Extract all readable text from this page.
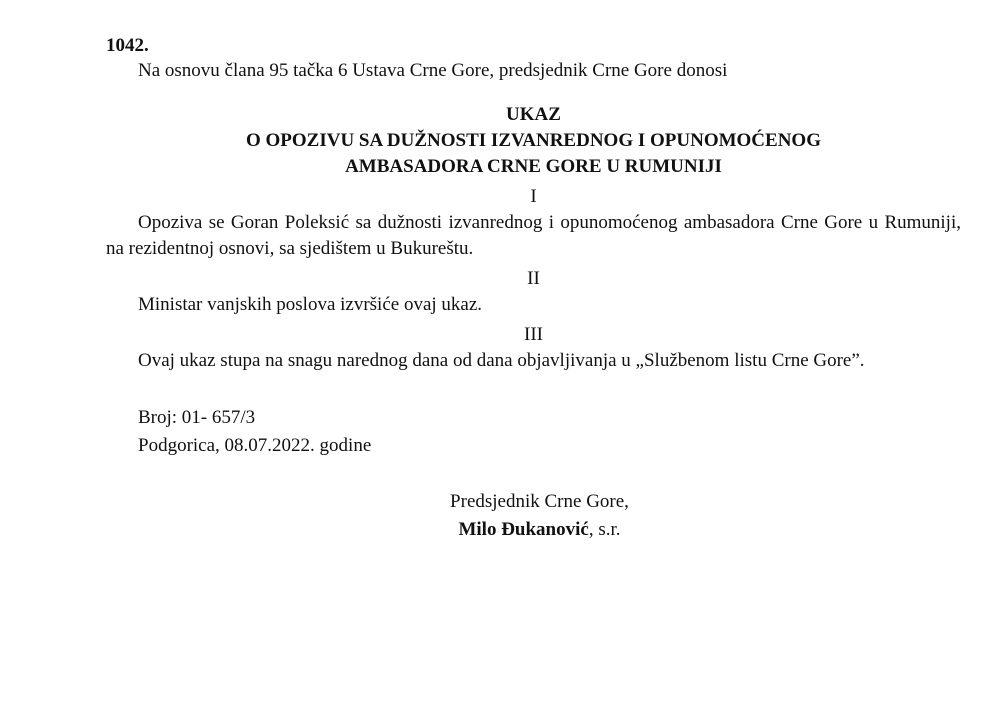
1042.

Na osnovu člana 95 tačka 6 Ustava Crne Gore, predsjednik Crne Gore donosi

UKAZ

O OPOZIVU SA DUŽNOSTI IZVANREDNOG I OPUNOMOĆENOG

AMBASADORA CRNE GORE U RUMUNIJI

I

Opoziva se Goran Poleksić sa dužnosti izvanrednog i opunomoćenog ambasadora Crne Gore u Rumuniji, na rezidentnoj osnovi, sa sjedištem u Bukureštu.

II

Ministar vanjskih poslova izvršiće ovaj ukaz.

III

Ovaj ukaz stupa na snagu narednog dana od dana objavljivanja u „Službenom listu Crne Gore”.

Broj: 01- 657/3
Podgorica, 08.07.2022. godine
Predsjednik Crne Gore,
Milo Đukanović, s.r.
